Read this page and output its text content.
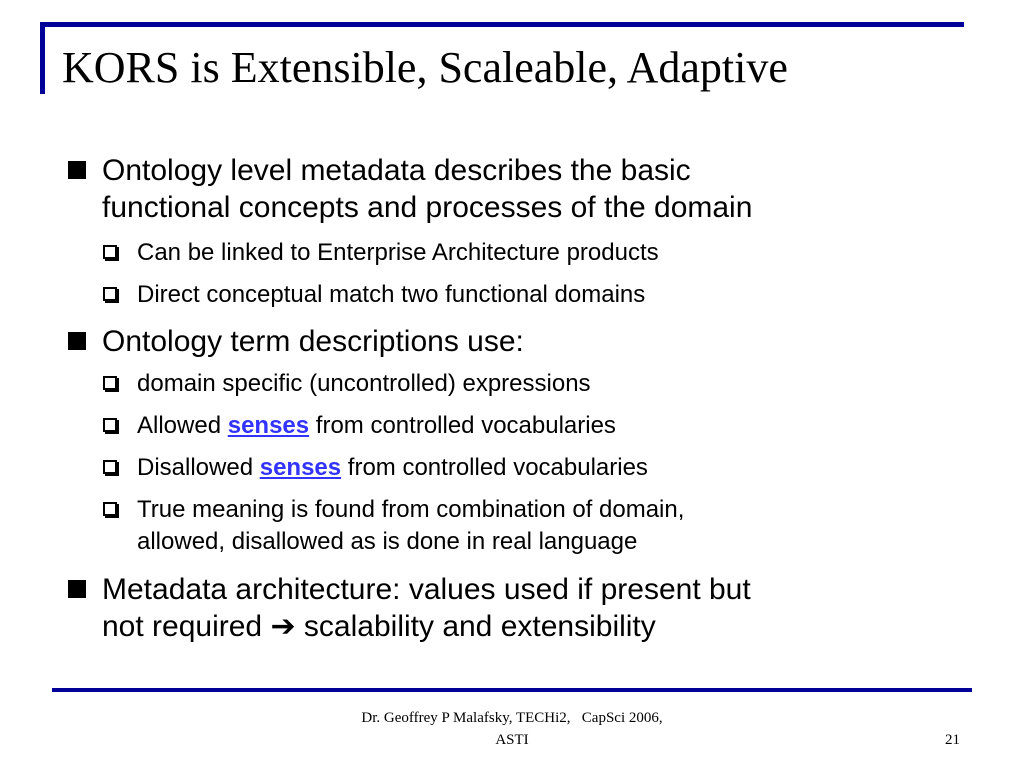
KORS is Extensible, Scaleable, Adaptive
Ontology level metadata describes the basic
functional concepts and processes of the domain
Can be linked to Enterprise Architecture products
Direct conceptual match two functional domains
Ontology term descriptions use:
domain specific (uncontrolled) expressions
Allowed senses from controlled vocabularies
Disallowed senses from controlled vocabularies
True meaning is found from combination of domain,
allowed, disallowed as is done in real language
Metadata architecture: values used if present but
not required ➔ scalability and extensibility
Dr. Geoffrey P Malafsky, TECHi2,   CapSci 2006,
ASTI	21
